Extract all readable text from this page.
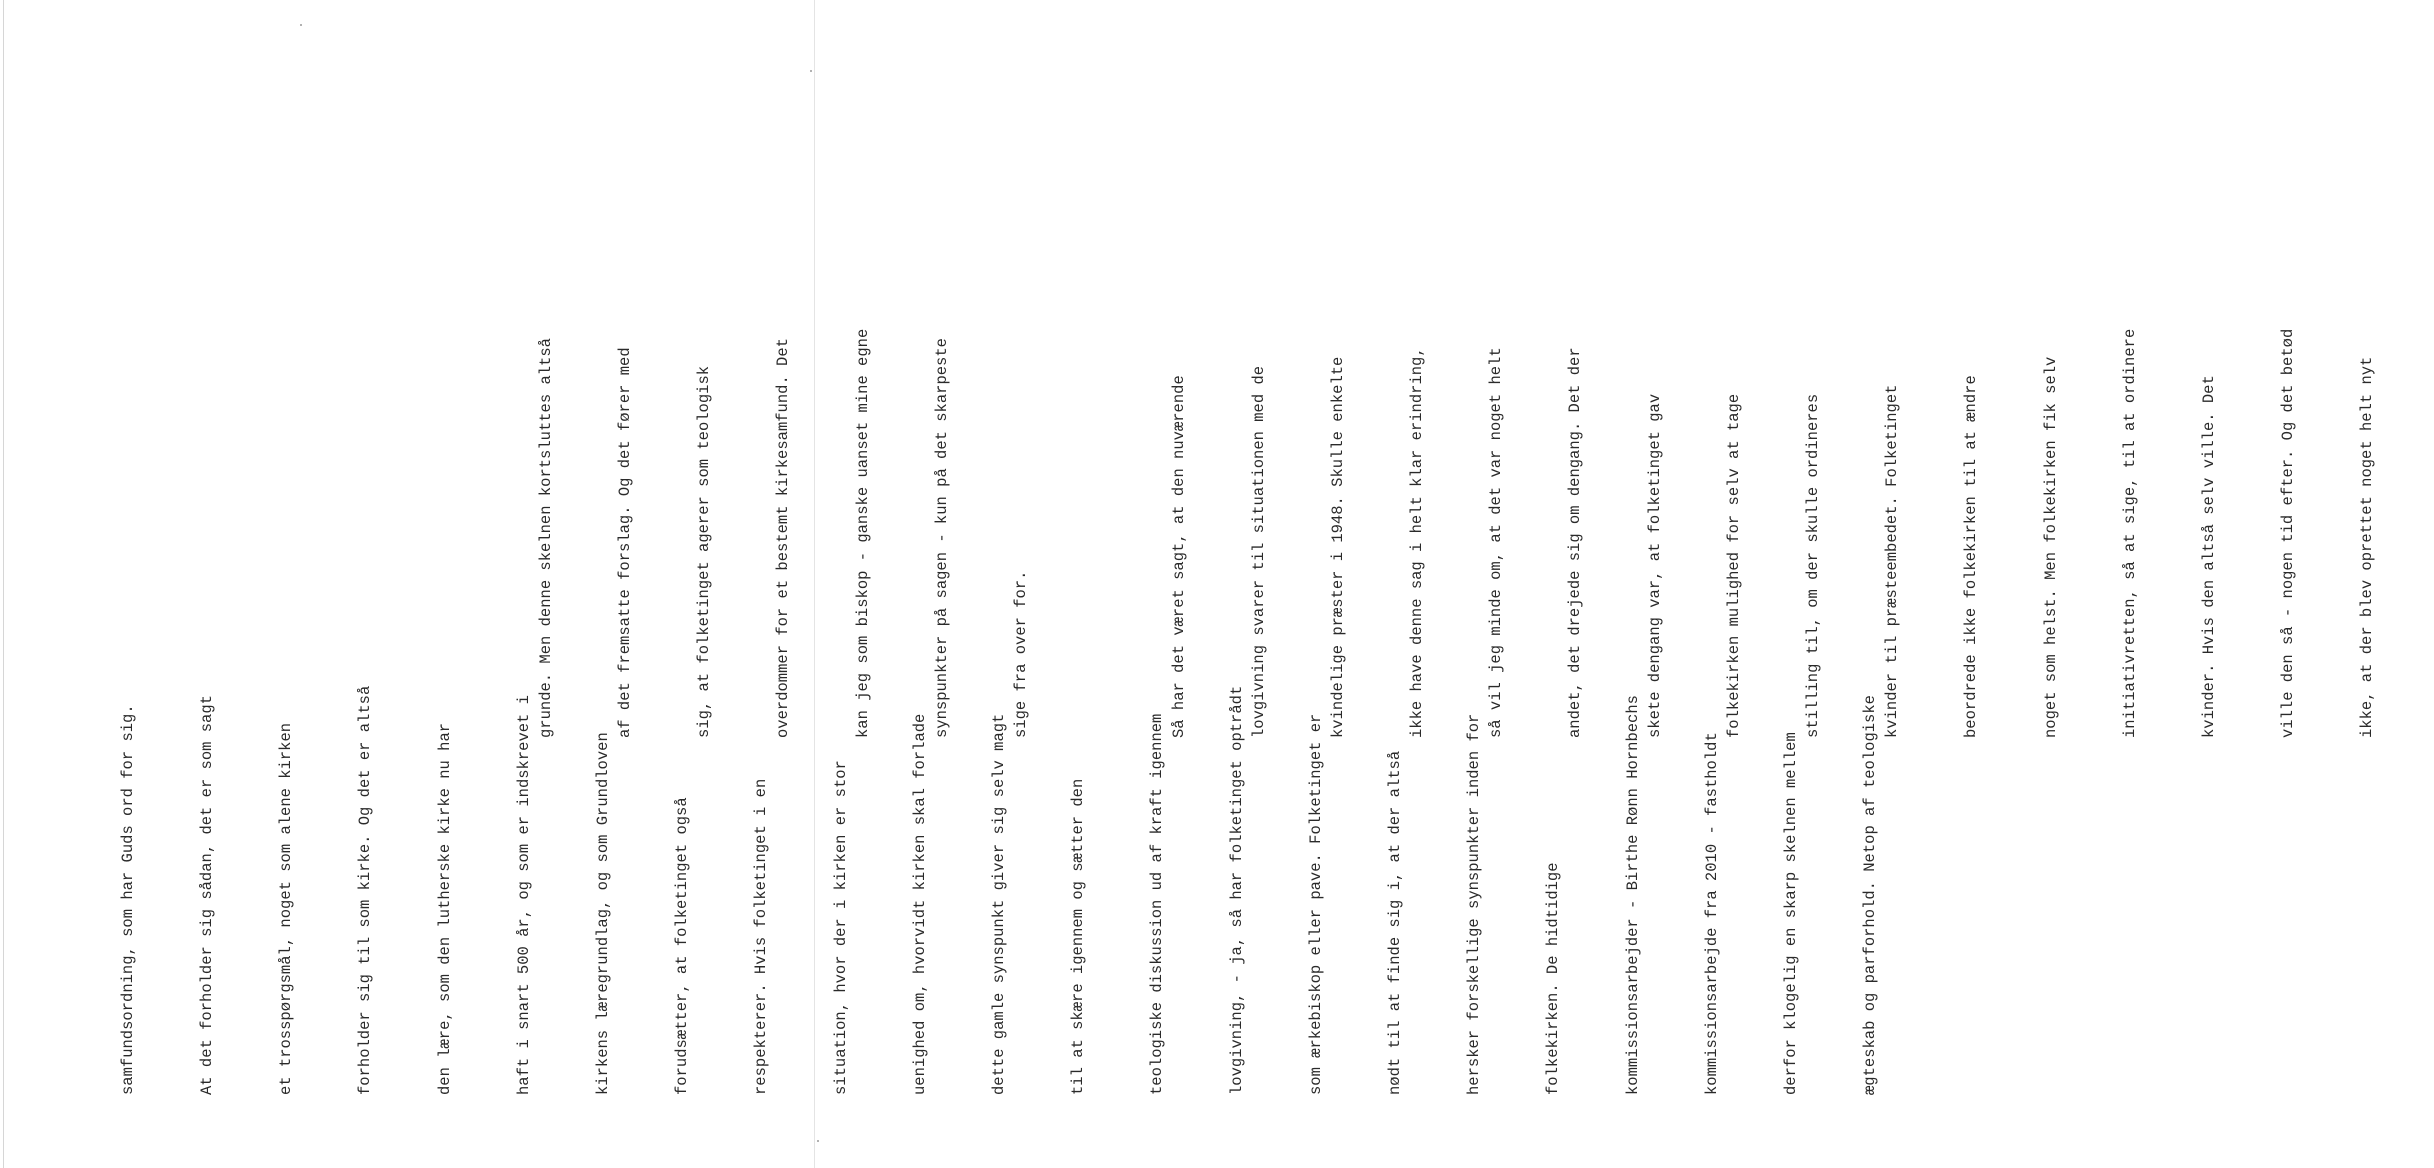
samfundsordning, som har Guds ord for sig.

	At det forholder sig sådan, det er som sagt

	et trosspørgsmål, noget som alene kirken

	forholder sig til som kirke. Og det er altså

	den lære, som den lutherske kirke nu har

	haft i snart 500 år, og som er indskrevet i

	kirkens læregrundlag, og som Grundloven

	forudsætter, at folketinget også

	respekterer. Hvis folketinget i en

	situation, hvor der i kirken er stor

	uenighed om, hvorvidt kirken skal forlade

	dette gamle synspunkt giver sig selv magt

	til at skære igennem og sætter den

	teologiske diskussion ud af kraft igennem

	lovgivning, - ja, så har folketinget optrådt

	som ærkebiskop eller pave. Folketinget er

	nødt til at finde sig i, at der altså

	hersker forskellige synspunkter inden for

	folkekirken. De hidtidige

	kommissionsarbejder - Birthe Rønn Hornbechs

	kommissionsarbejde fra 2010 - fastholdt

	derfor klogelig en skarp skelnen mellem

	ægteskab og parforhold. Netop af teologiske

grunde. Men denne skelnen kortsluttes altså

	af det fremsatte forslag. Og det fører med

	sig, at folketinget agerer som teologisk

	overdommer for et bestemt kirkesamfund. Det

	kan jeg som biskop - ganske uanset mine egne

	synspunkter på sagen - kun på det skarpeste

	sige fra over for.

	Så har det været sagt, at den nuværende

	lovgivning svarer til situationen med de

	kvindelige præster i 1948. Skulle enkelte

	ikke have denne sag i helt klar erindring,

	så vil jeg minde om, at det var noget helt

	andet, det drejede sig om dengang. Det der

	skete dengang var, at folketinget gav

	folkekirken mulighed for selv at tage

	stilling til, om der skulle ordineres

	kvinder til præsteembedet. Folketinget

	beordrede ikke folkekirken til at ændre

	noget som helst. Men folkekirken fik selv

	initiativretten, så at sige, til at ordinere

	kvinder. Hvis den altså selv ville. Det

	ville den så - nogen tid efter. Og det betød

	ikke, at der blev oprettet noget helt nyt
